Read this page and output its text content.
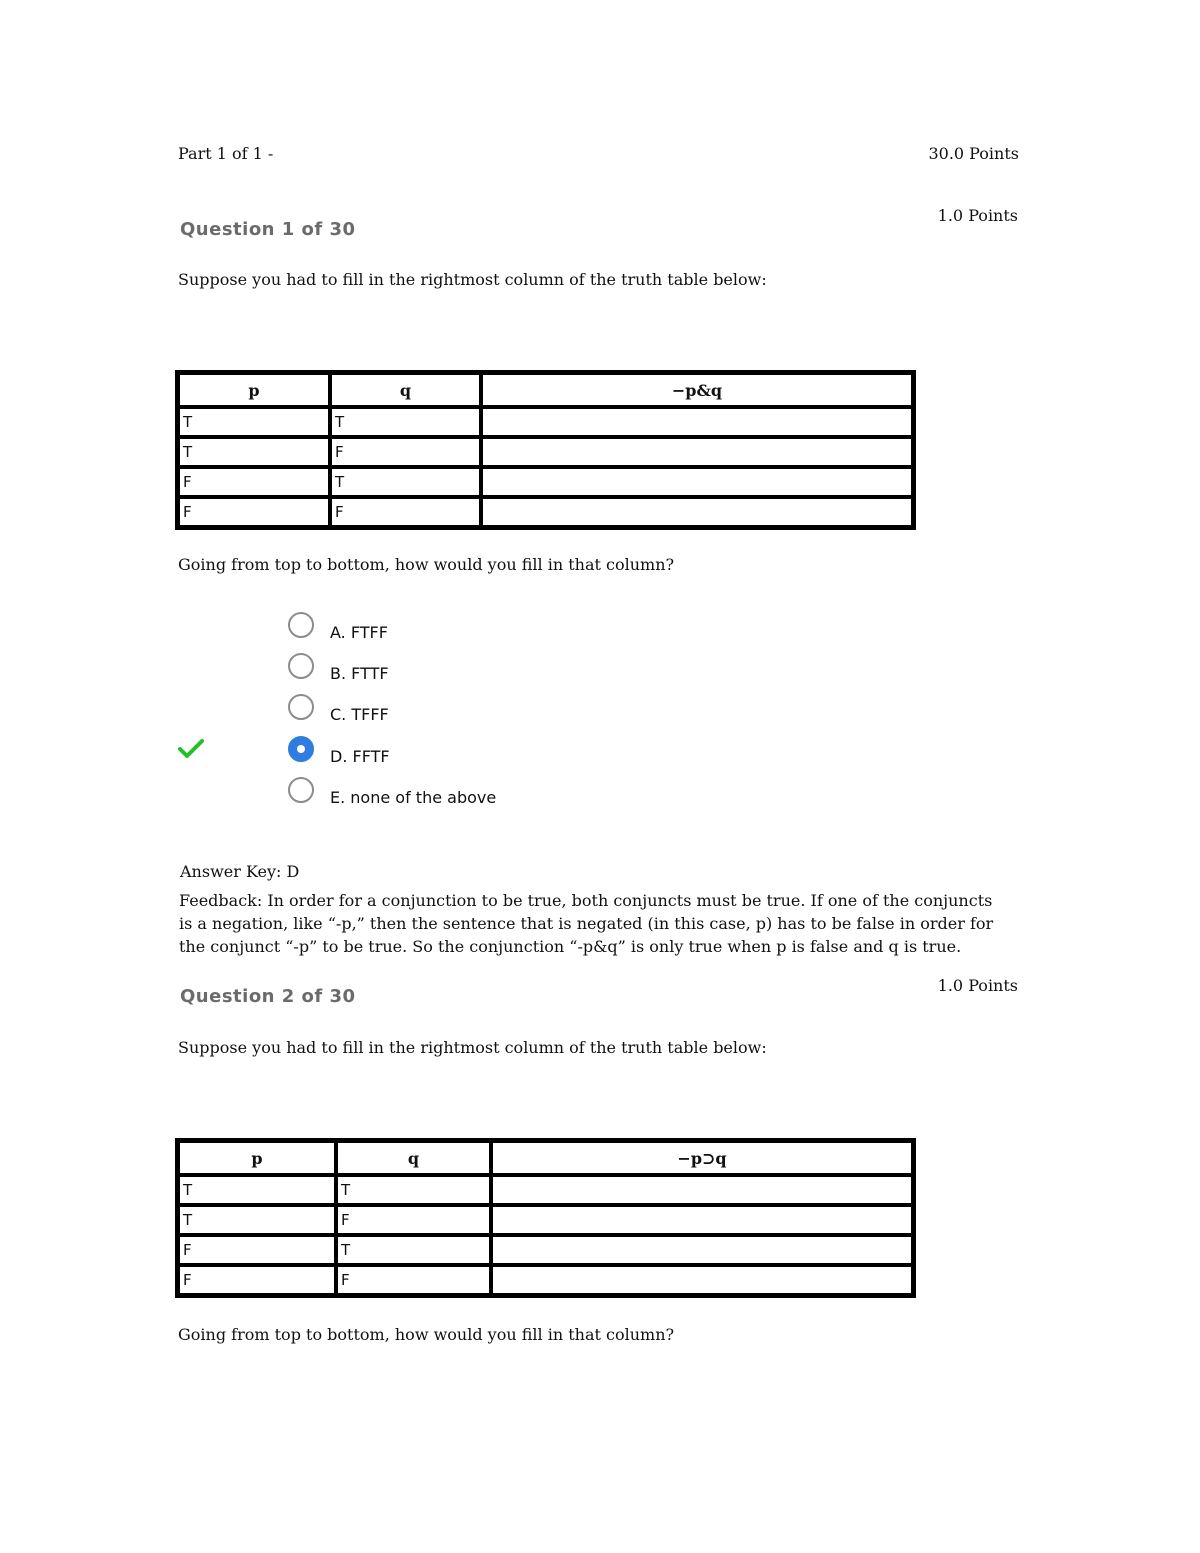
Part 1 of 1 -	30.0 Points
1.0 Points
Question 1 of 30
Suppose you had to fill in the rightmost column of the truth table below:
p	q	−p&q
T	T	
T	F	
F	T	
F	F	
Going from top to bottom, how would you fill in that column?
A. FTFF
B. FTTF
C. TFFF
D. FFTF
E. none of the above
Answer Key: D
Feedback: In order for a conjunction to be true, both conjuncts must be true. If one of the conjuncts is a negation, like “-p,” then the sentence that is negated (in this case, p) has to be false in order for the conjunct “-p” to be true. So the conjunction “-p&q” is only true when p is false and q is true.
1.0 Points
Question 2 of 30
Suppose you had to fill in the rightmost column of the truth table below:
p	q	−p⊃q
T	T	
T	F	
F	T	
F	F	
Going from top to bottom, how would you fill in that column?
